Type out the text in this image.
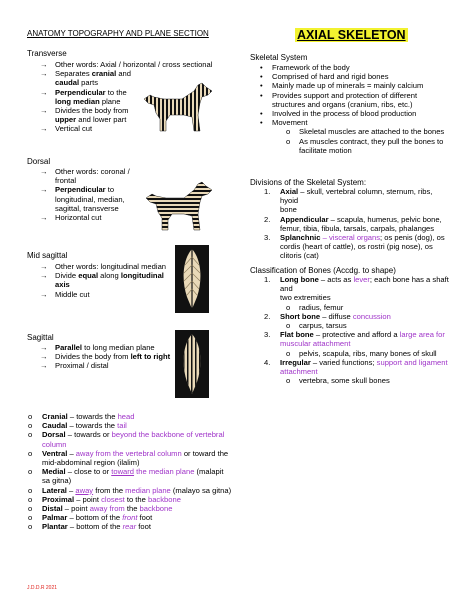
ANATOMY TOPOGRAPHY AND PLANE SECTION	AXIAL SKELETON
Transverse
→ Other words: Axial / horizontal / cross sectional
→ Separates cranial and
caudal parts
→ Perpendicular to the
long median plane
→ Divides the body from
upper and lower part
→ Vertical cut
Dorsal
→ Other words: coronal /
frontal
→ Perpendicular to
longitudinal, median,
sagittal, transverse
→ Horizontal cut
Mid sagittal
→ Other words: longitudinal median
→ Divide equal along longitudinal
axis
→ Middle cut
Sagittal
→ Parallel to long median plane
→ Divides the body from left to right
→ Proximal / distal
o Cranial – towards the head
o Caudal – towards the tail
o Dorsal – towards or beyond the backbone of vertebral
column
o Ventral – away from the vertebral column or toward the
mid-abdominal region (ilalim)
o Medial – close to or toward the median plane (malapit
sa gitna)
o Lateral – away from the median plane (malayo sa gitna)
o Proximal – point closest to the backbone
o Distal – point away from the backbone
o Palmar – bottom of the front foot
o Plantar – bottom of the rear foot
Skeletal System
• Framework of the body
• Comprised of hard and rigid bones
• Mainly made up of minerals = mainly calcium
• Provides support and protection of different
structures and organs (cranium, ribs, etc.)
• Involved in the process of blood production
• Movement
o Skeletal muscles are attached to the bones
o As muscles contract, they pull the bones to
facilitate motion
Divisions of the Skeletal System:
1. Axial – skull, vertebral column, sternum, ribs, hyoid
bone
2. Appendicular – scapula, humerus, pelvic bone,
femur, tibia, fibula, tarsals, carpals, phalanges
3. Splanchnic – visceral organs; os penis (dog), os
cordis (heart of cattle), os rostri (pig nose), os
clitoris (cat)
Classification of Bones (Accdg. to shape)
1. Long bone – acts as lever; each bone has a shaft and
two extremities
o radius, femur
2. Short bone – diffuse concussion
o carpus, tarsus
3. Flat bone – protective and afford a large area for
muscular attachment
o pelvis, scapula, ribs, many bones of skull
4. Irregular – varied functions; support and ligament
attachment
o vertebra, some skull bones
J.D.D.R 2021
